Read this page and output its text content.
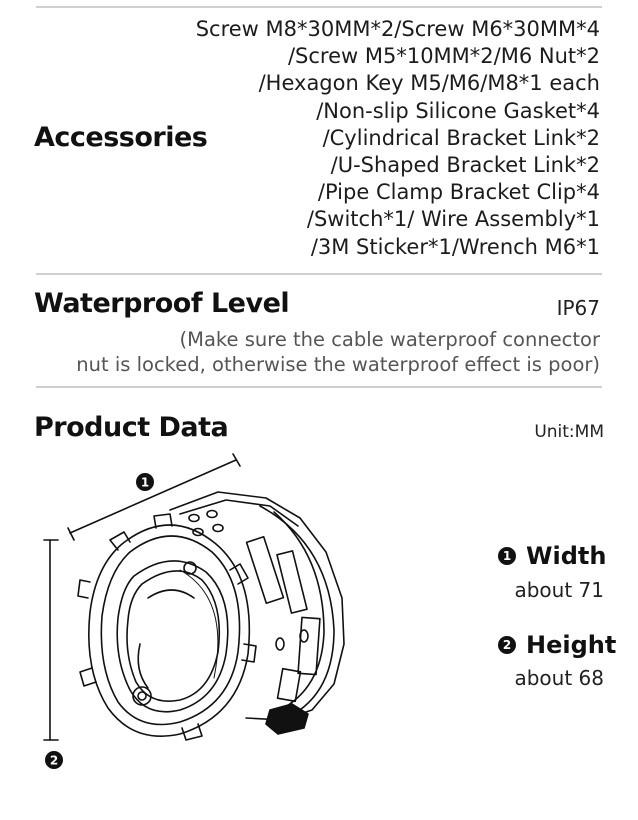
Accessories
Screw M8*30MM*2/Screw M6*30MM*4
/Screw M5*10MM*2/M6 Nut*2
/Hexagon Key M5/M6/M8*1 each
/Non-slip Silicone Gasket*4
/Cylindrical Bracket Link*2
/U-Shaped Bracket Link*2
/Pipe Clamp Bracket Clip*4
/Switch*1/ Wire Assembly*1
/3M Sticker*1/Wrench M6*1
Waterproof Level	IP67
(Make sure the cable waterproof connector
nut is locked, otherwise the waterproof effect is poor)
Product Data	Unit:MM
1
2
1 Width
about 71
2 Height
about 68
